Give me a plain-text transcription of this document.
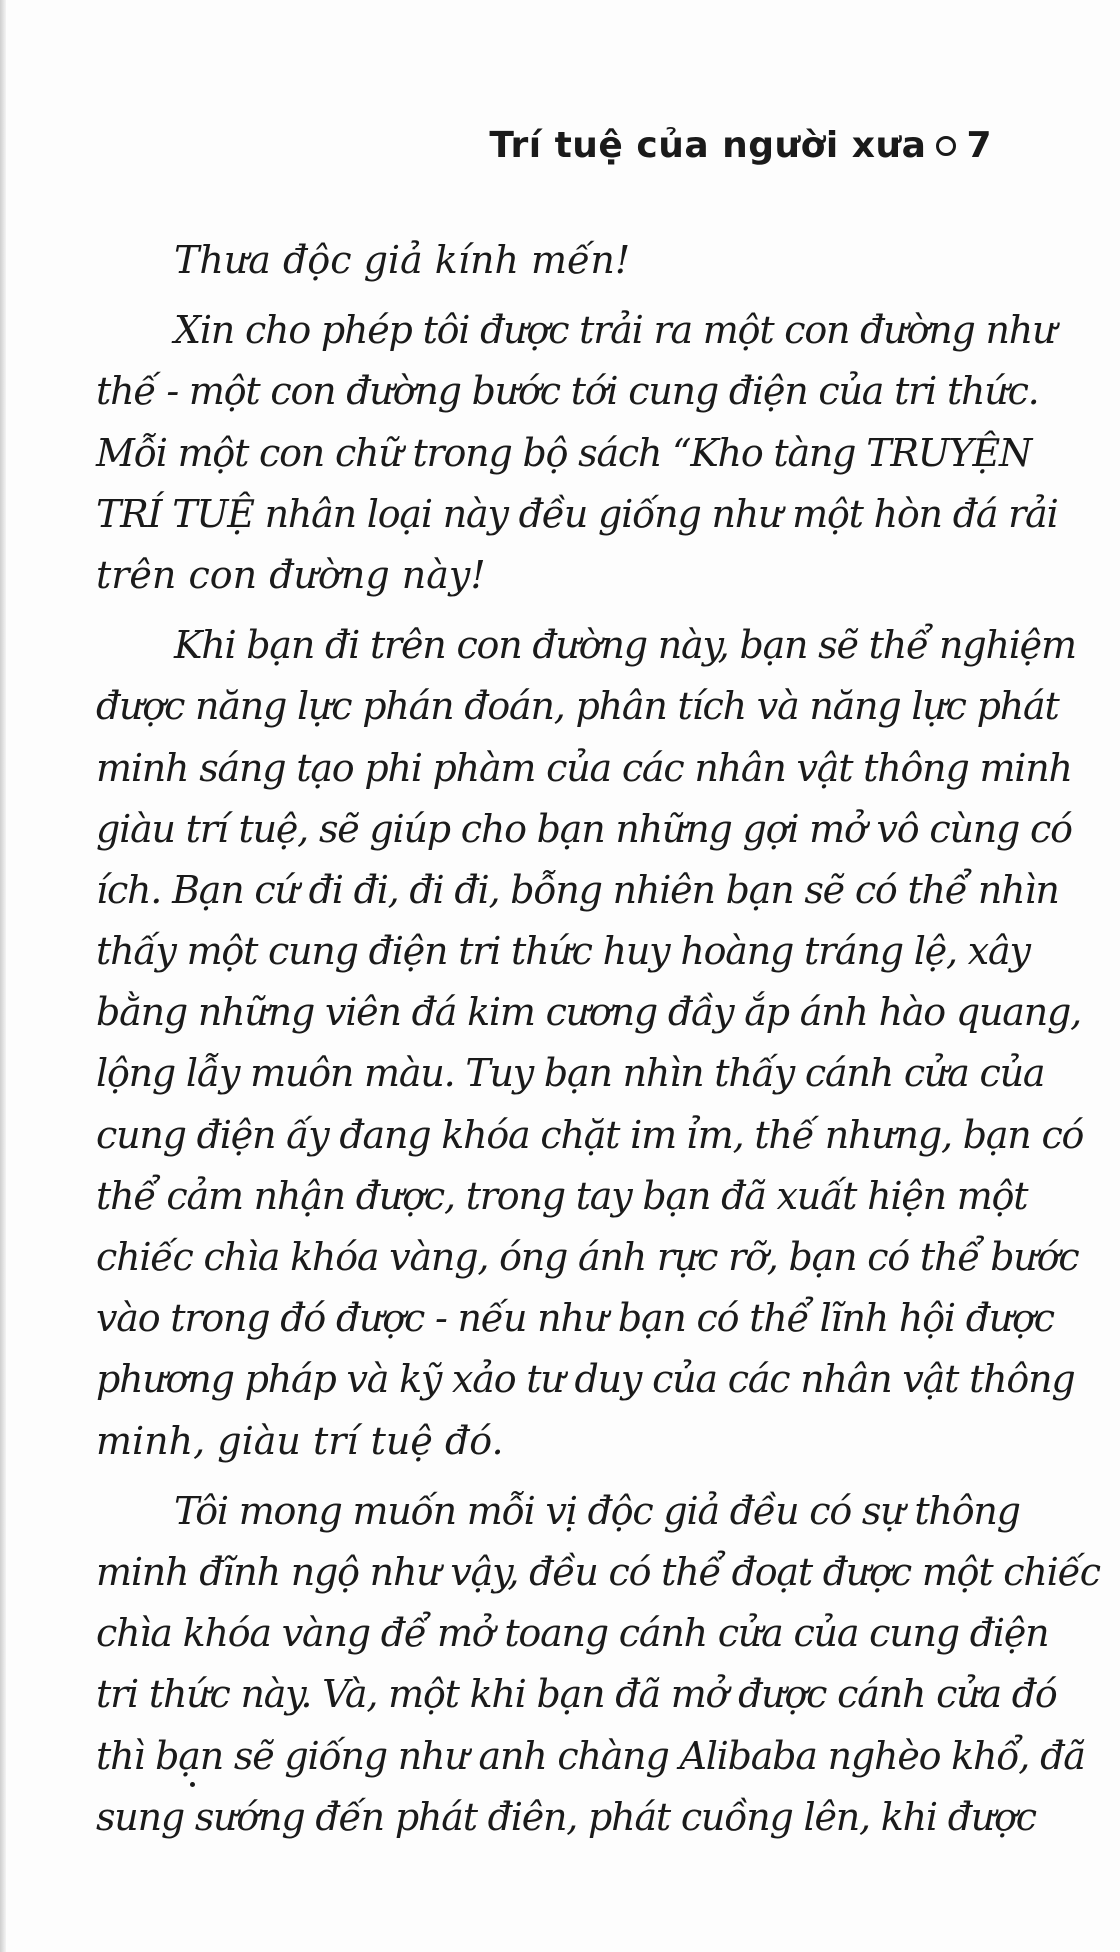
Trí tuệ của người xưa 7

Thưa độc giả kính mến!

Xin cho phép tôi được trải ra một con đường như
thế - một con đường bước tới cung điện của tri thức.
Mỗi một con chữ trong bộ sách “Kho tàng TRUYỆN
TRÍ TUỆ nhân loại này đều giống như một hòn đá rải
trên con đường này!

Khi bạn đi trên con đường này, bạn sẽ thể nghiệm
được năng lực phán đoán, phân tích và năng lực phát
minh sáng tạo phi phàm của các nhân vật thông minh
giàu trí tuệ, sẽ giúp cho bạn những gợi mở vô cùng có
ích. Bạn cứ đi đi, đi đi, bỗng nhiên bạn sẽ có thể nhìn
thấy một cung điện tri thức huy hoàng tráng lệ, xây
bằng những viên đá kim cương đầy ắp ánh hào quang,
lộng lẫy muôn màu. Tuy bạn nhìn thấy cánh cửa của
cung điện ấy đang khóa chặt im ỉm, thế nhưng, bạn có
thể cảm nhận được, trong tay bạn đã xuất hiện một
chiếc chìa khóa vàng, óng ánh rực rỡ, bạn có thể bước
vào trong đó được - nếu như bạn có thể lĩnh hội được
phương pháp và kỹ xảo tư duy của các nhân vật thông
minh, giàu trí tuệ đó.

Tôi mong muốn mỗi vị độc giả đều có sự thông
minh đĩnh ngộ như vậy, đều có thể đoạt được một chiếc
chìa khóa vàng để mở toang cánh cửa của cung điện
tri thức này. Và, một khi bạn đã mở được cánh cửa đó
thì bạn sẽ giống như anh chàng Alibaba nghèo khổ, đã
sung sướng đến phát điên, phát cuồng lên, khi được
